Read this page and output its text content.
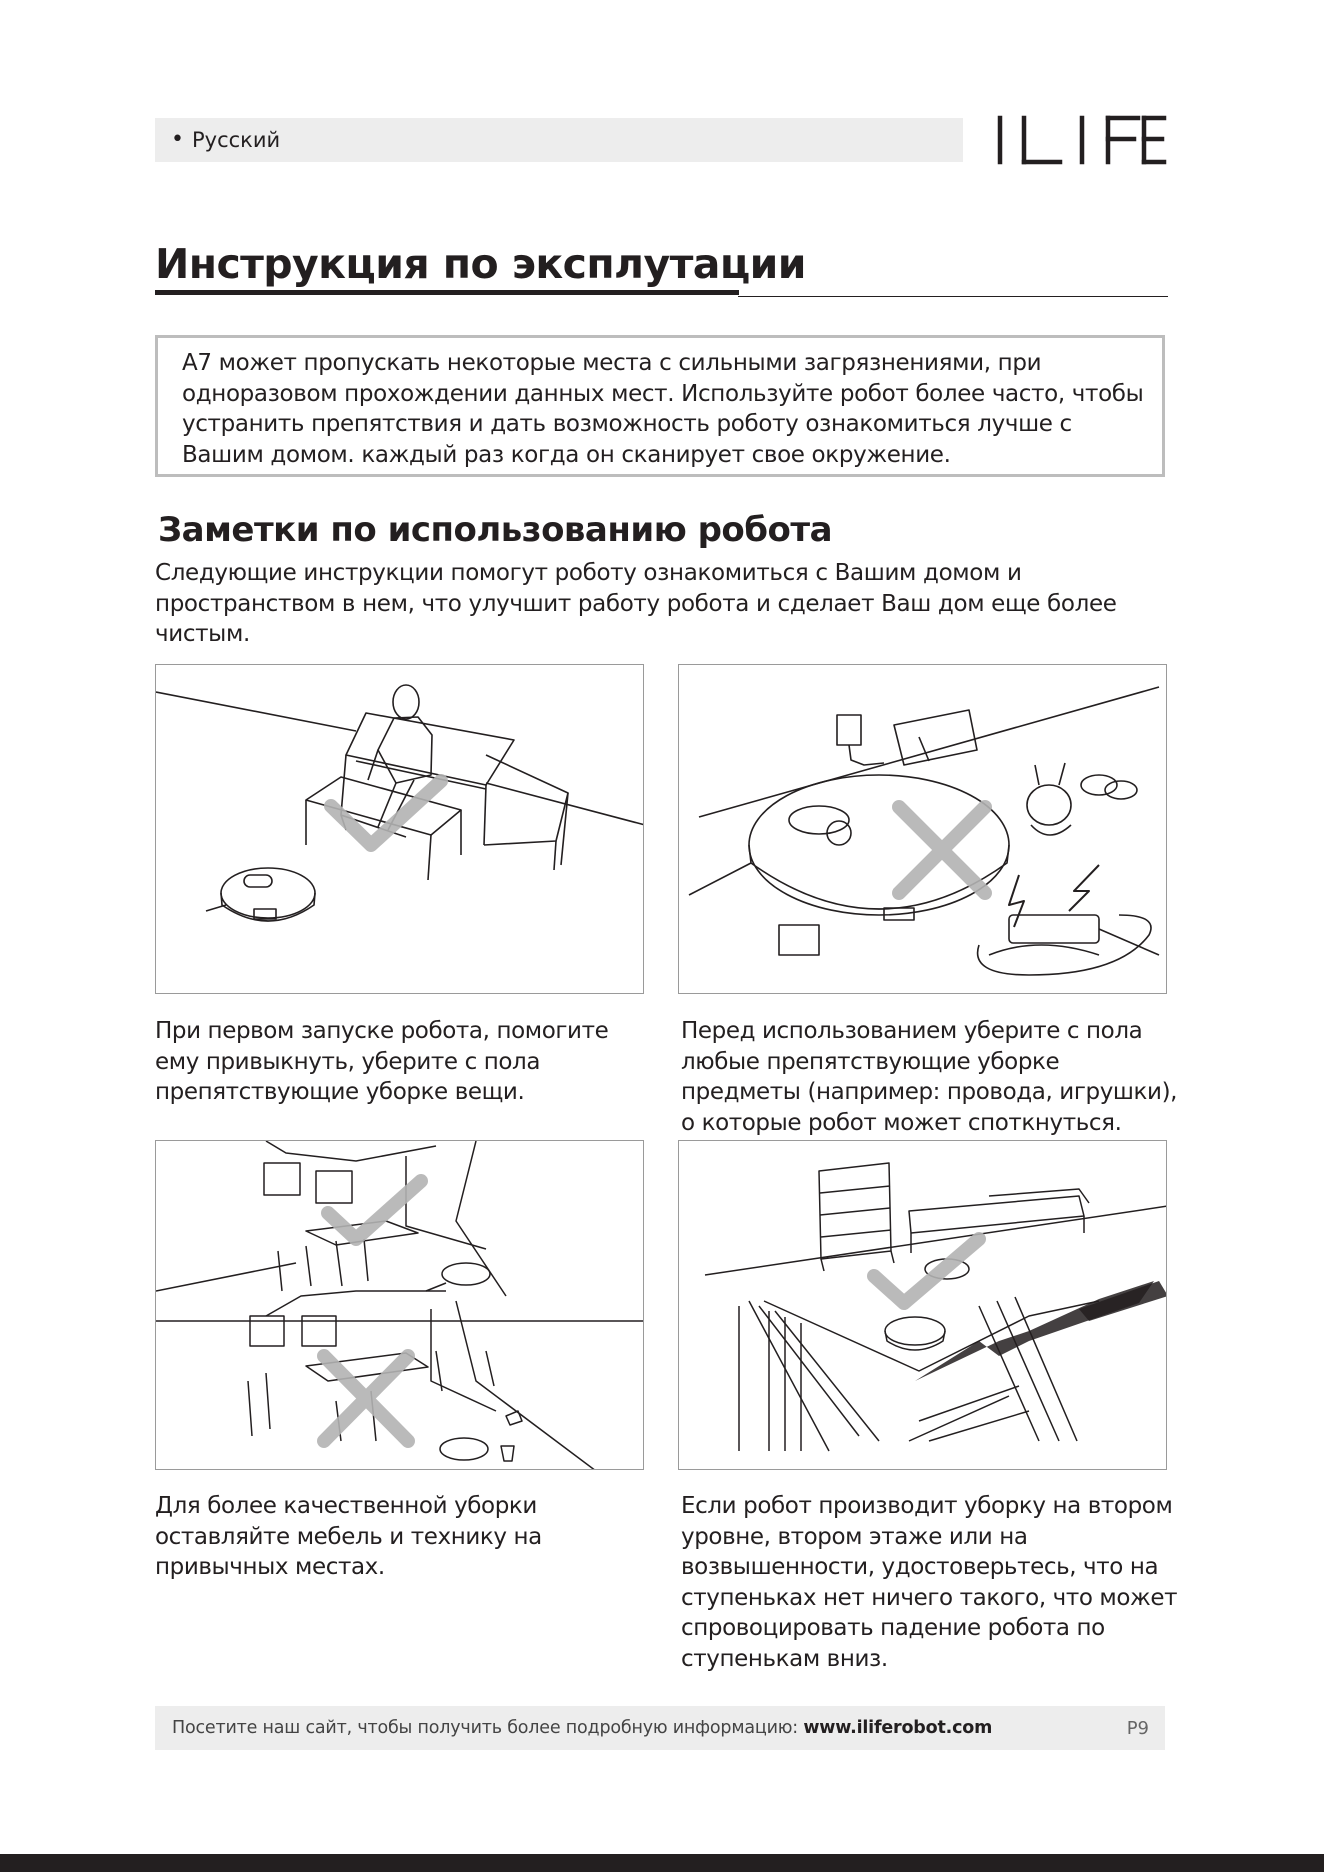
• Русский
Инструкция по эксплутации
A7 может пропускать некоторые места с сильными загрязнениями, при одноразовом прохождении данных мест. Используйте робот более часто, чтобы устранить препятствия и дать возможность роботу ознакомиться лучше с Вашим домом. каждый раз когда он сканирует свое окружение.
Заметки по использованию робота
Следующие инструкции помогут роботу ознакомиться с Вашим домом и пространством в нем, что улучшит работу робота и сделает Ваш дом еще более чистым.
При первом запуске робота, помогите ему привыкнуть, уберите с пола препятствующие уборке вещи.
Перед использованием уберите с пола любые препятствующие уборке предметы (например: провода, игрушки), о которые робот может споткнуться.
Для более качественной уборки оставляйте мебель и технику на привычных местах.
Если робот производит уборку на втором уровне, втором этаже или на возвышенности, удостоверьтесь, что на ступеньках нет ничего такого, что может спровоцировать падение робота по ступенькам вниз.
Посетите наш сайт, чтобы получить более подробную информацию: www.iliferobot.com	P9
